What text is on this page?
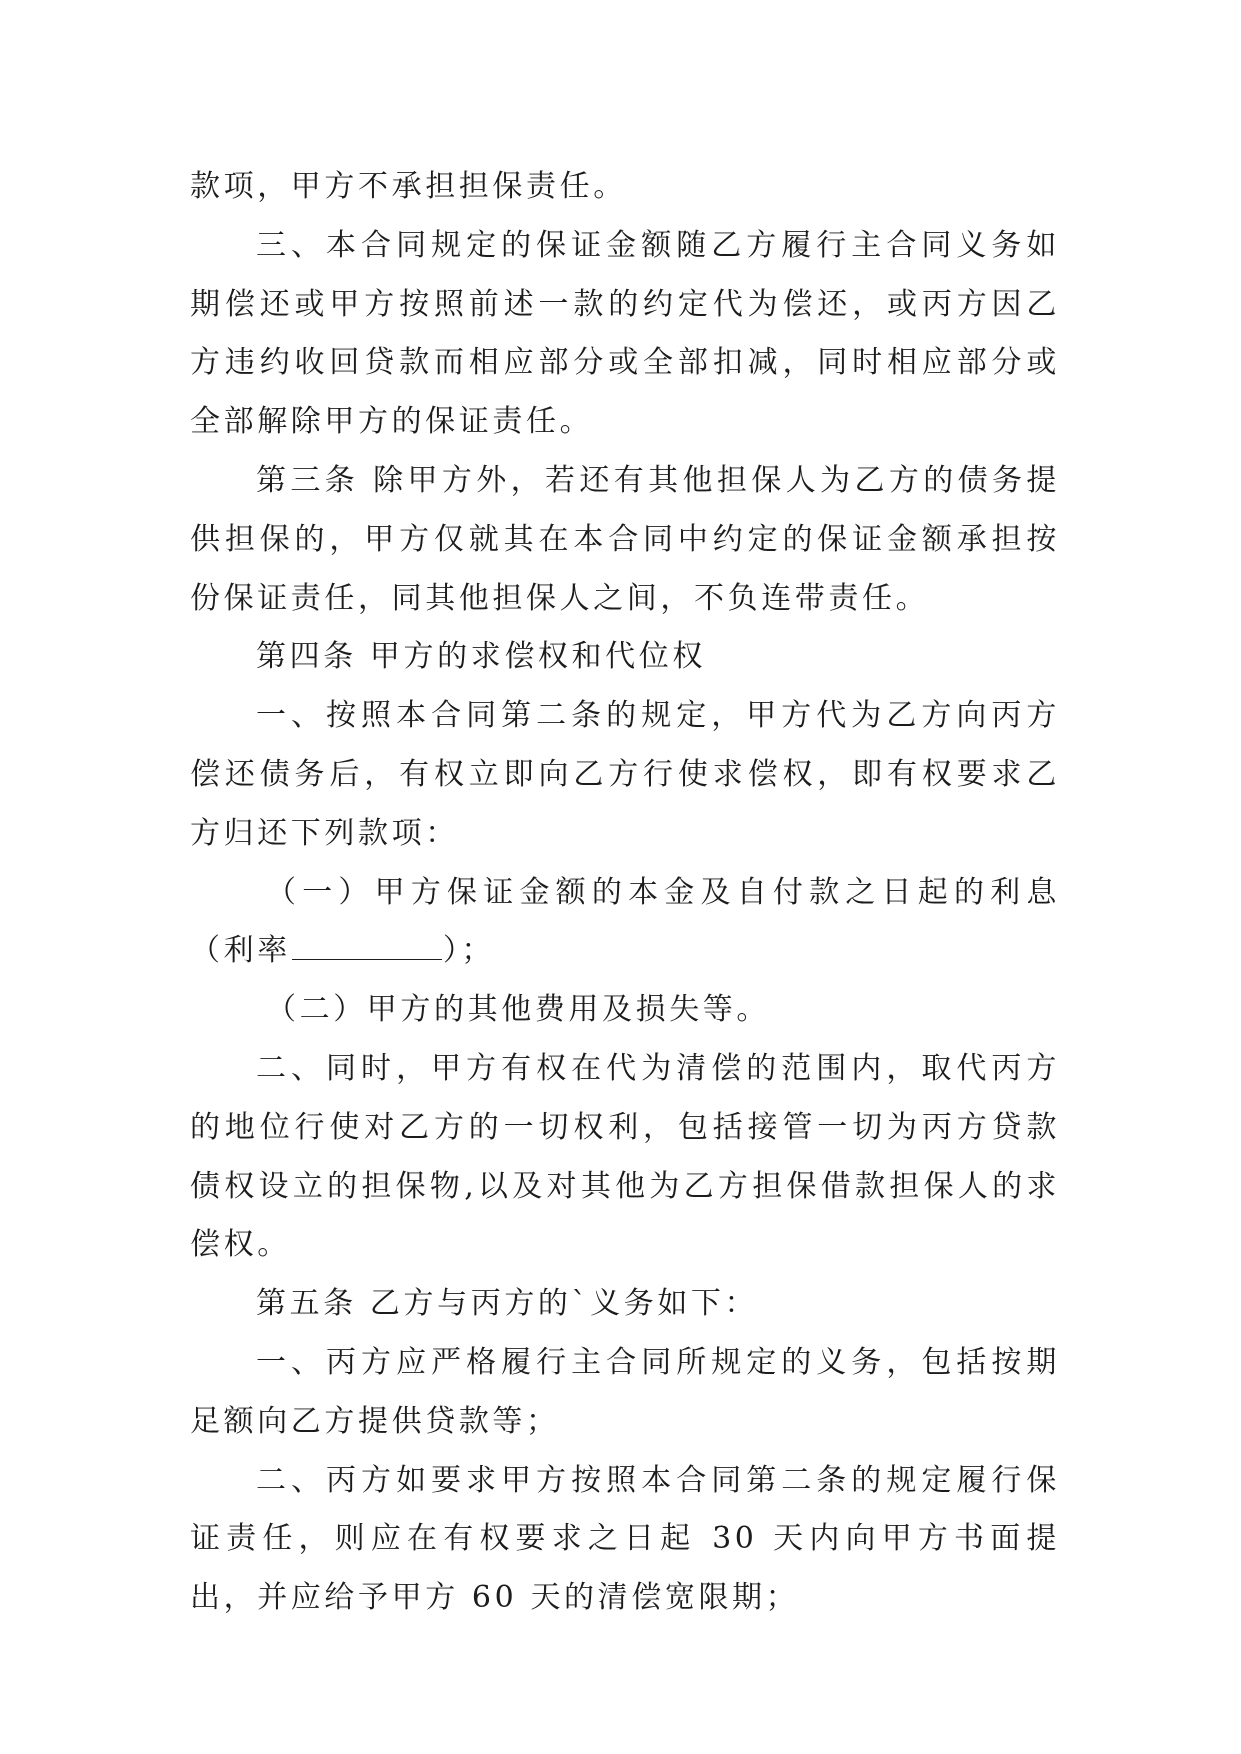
款项，甲方不承担担保责任。

三、本合同规定的保证金额随乙方履行主合同义务如期偿还或甲方按照前述一款的约定代为偿还，或丙方因乙方违约收回贷款而相应部分或全部扣减，同时相应部分或全部解除甲方的保证责任。

第三条 除甲方外，若还有其他担保人为乙方的债务提供担保的，甲方仅就其在本合同中约定的保证金额承担按份保证责任，同其他担保人之间，不负连带责任。

第四条 甲方的求偿权和代位权

一、按照本合同第二条的规定，甲方代为乙方向丙方偿还债务后，有权立即向乙方行使求偿权，即有权要求乙方归还下列款项：

（一）甲方保证金额的本金及自付款之日起的利息（利率	）；

（二）甲方的其他费用及损失等。

二、同时，甲方有权在代为清偿的范围内，取代丙方的地位行使对乙方的一切权利，包括接管一切为丙方贷款债权设立的担保物,以及对其他为乙方担保借款担保人的求偿权。

第五条 乙方与丙方的`义务如下：

一、丙方应严格履行主合同所规定的义务，包括按期足额向乙方提供贷款等；

二、丙方如要求甲方按照本合同第二条的规定履行保证责任，则应在有权要求之日起 30 天内向甲方书面提出，并应给予甲方 60 天的清偿宽限期；
